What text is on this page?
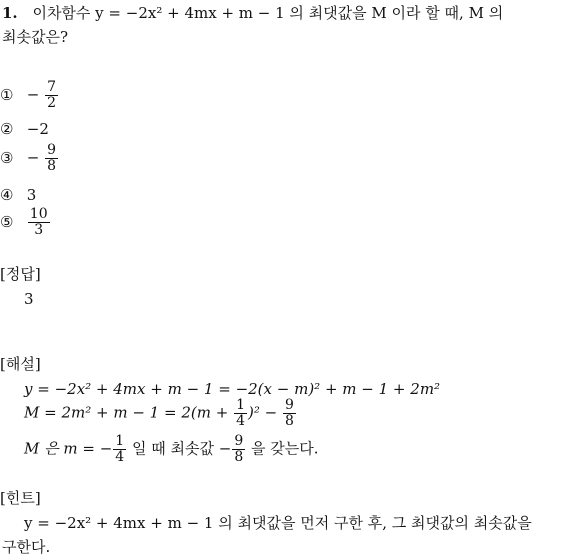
1. 이차함수 y = −2x² + 4mx + m − 1 의 최댓값을 M 이라 할 때, M 의
최솟값은?
① − $\frac{7}{2}$
② −2
③ − $\frac{9}{8}$
④ 3
⑤ $\frac{10}{3}$
[정답]
3
[해설]
y = −2x² + 4mx + m − 1 = −2(x − m)² + m − 1 + 2m²
$M = 2m^2 + m - 1 = 2(m + \frac{1}{4} )^2 - \frac{9}{8}$
M 은 m = − $\frac{1}{4}$ 일 때 최솟값 − $\frac{9}{8}$ 을 갖는다.
[힌트]
y = −2x² + 4mx + m − 1 의 최댓값을 먼저 구한 후, 그 최댓값의 최솟값을
구한다.
